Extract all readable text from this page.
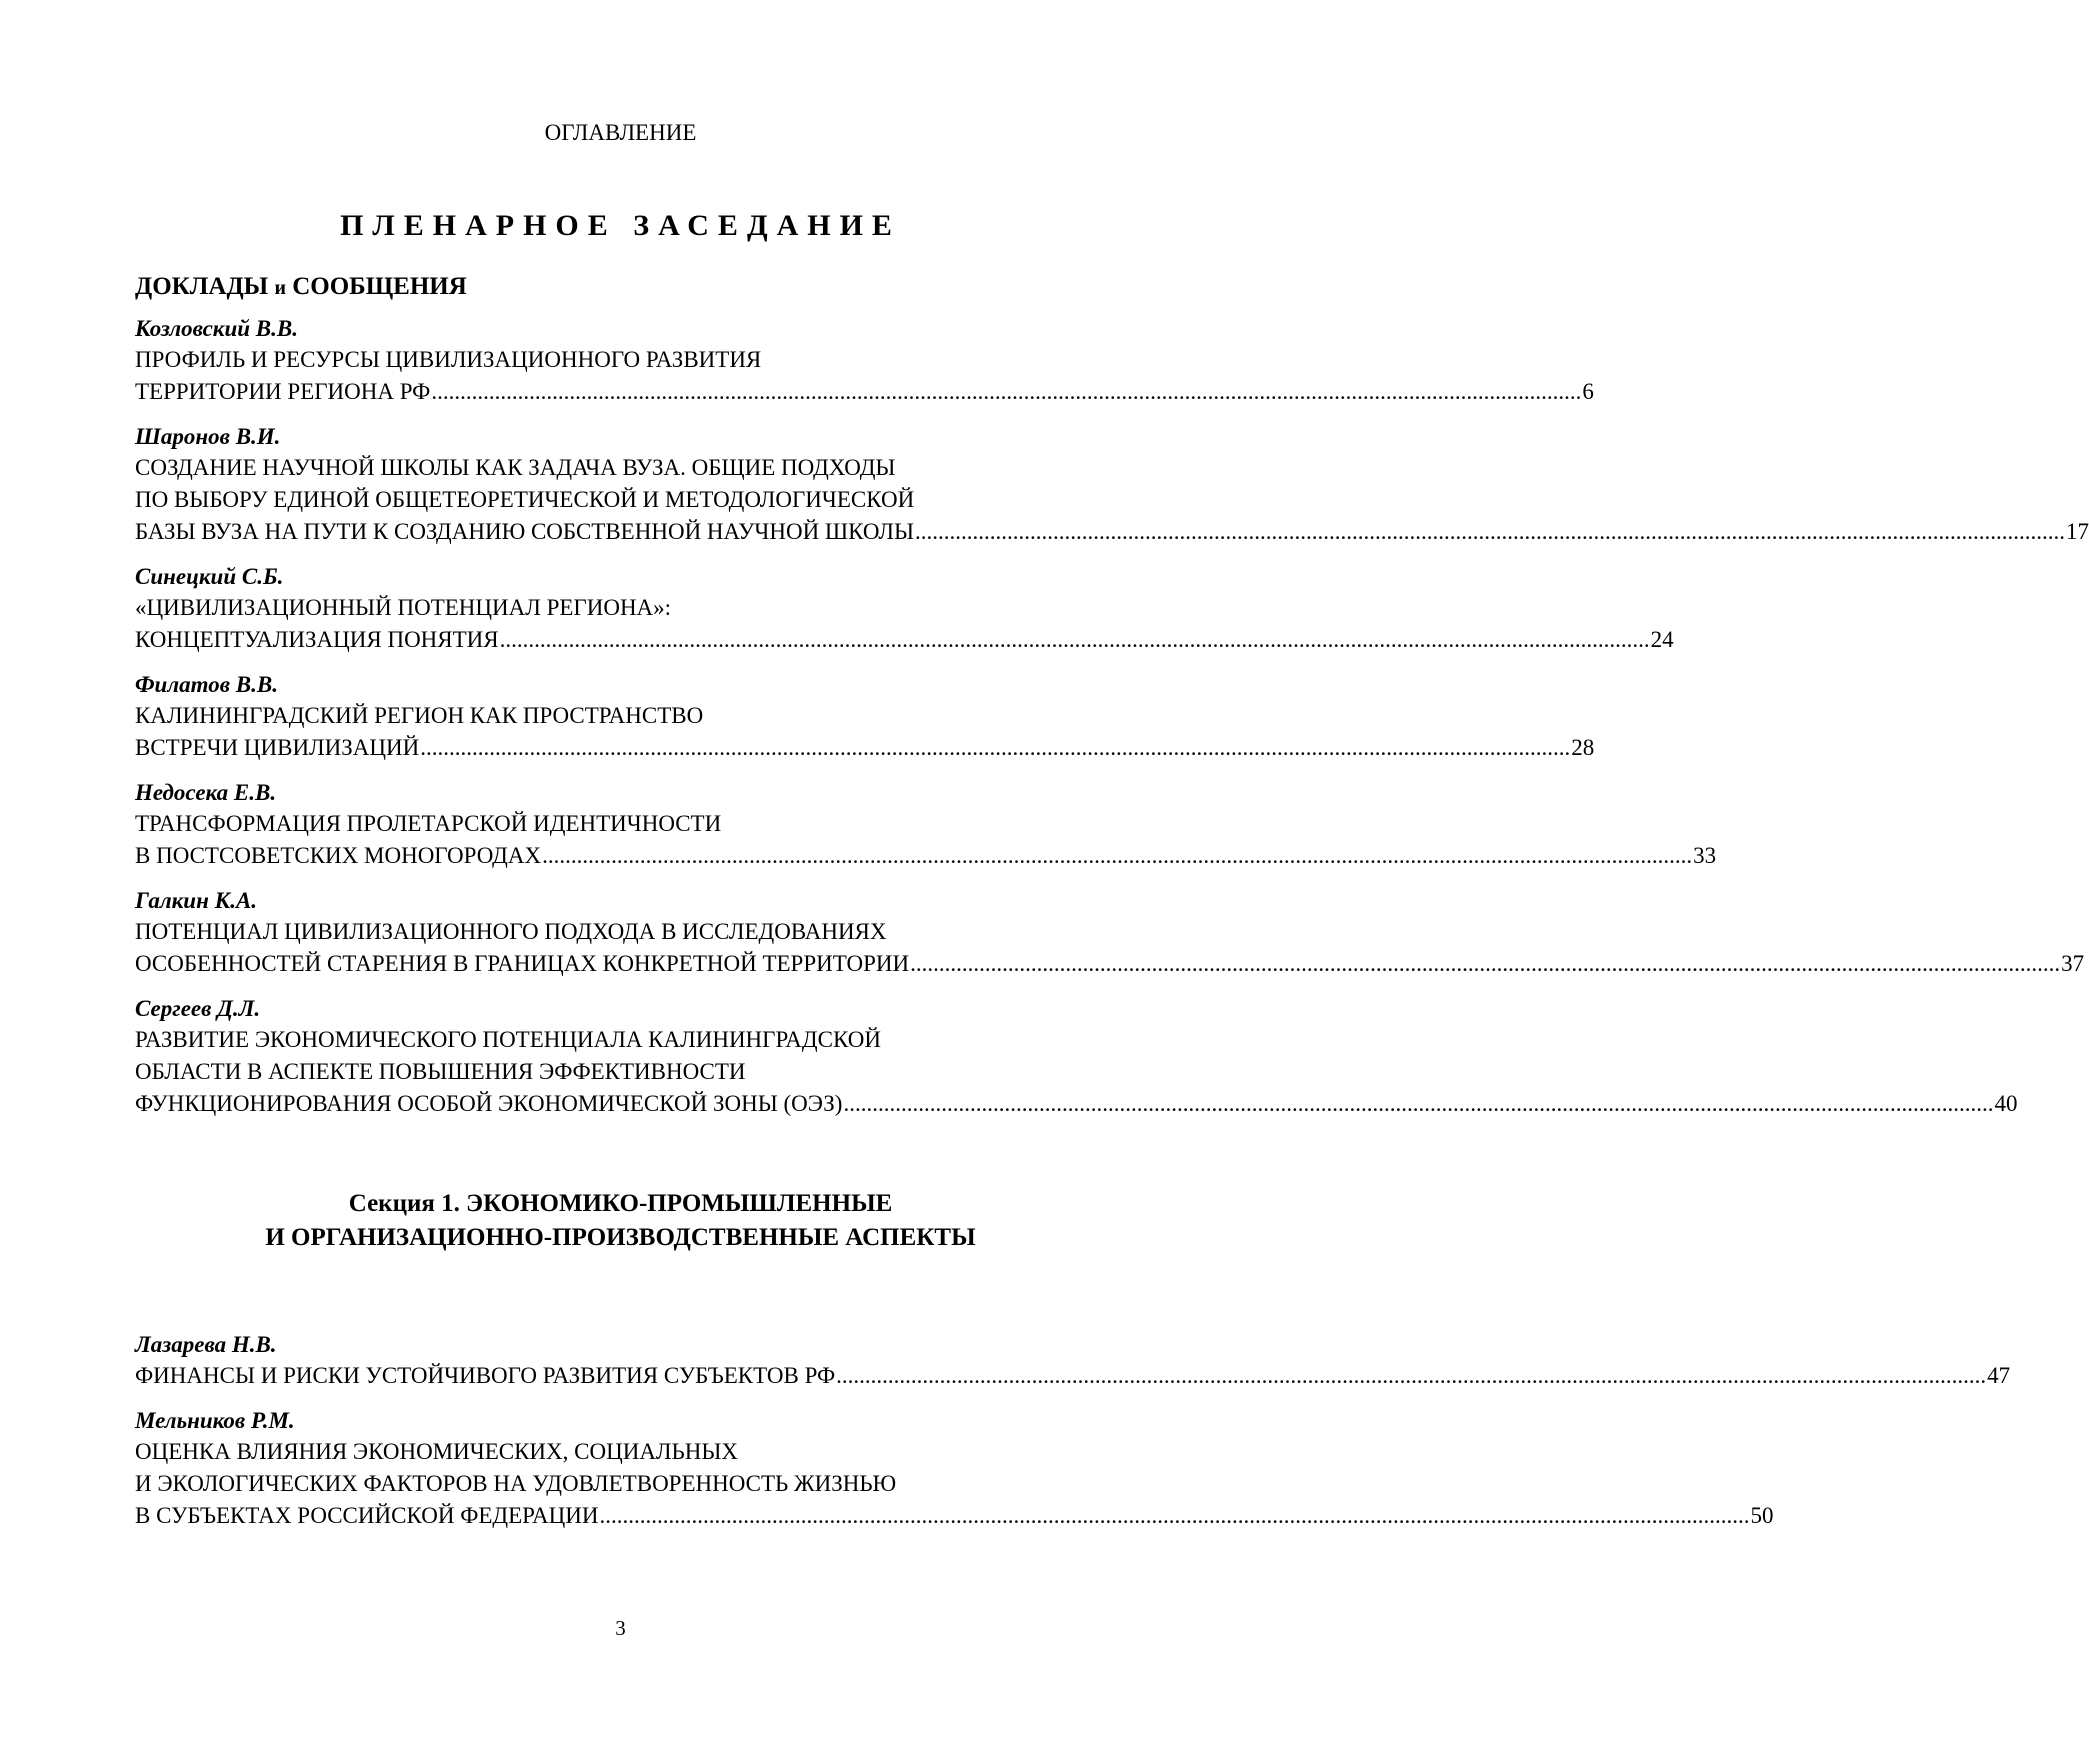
ОГЛАВЛЕНИЕ
ПЛЕНАРНОЕ ЗАСЕДАНИЕ
ДОКЛАДЫ и СООБЩЕНИЯ
Козловский В.В.
ПРОФИЛЬ И РЕСУРСЫ ЦИВИЛИЗАЦИОННОГО РАЗВИТИЯ
ТЕРРИТОРИИ РЕГИОНА РФ ........................................................................................................................................................................................................ 6
Шаронов В.И.
СОЗДАНИЕ НАУЧНОЙ ШКОЛЫ КАК ЗАДАЧА ВУЗА. ОБЩИЕ ПОДХОДЫ
ПО ВЫБОРУ ЕДИНОЙ ОБЩЕТЕОРЕТИЧЕСКОЙ И МЕТОДОЛОГИЧЕСКОЙ
БАЗЫ ВУЗА НА ПУТИ К СОЗДАНИЮ СОБСТВЕННОЙ НАУЧНОЙ ШКОЛЫ ........................................................................................................................................................................................................ 17
Синецкий С.Б.
«ЦИВИЛИЗАЦИОННЫЙ ПОТЕНЦИАЛ РЕГИОНА»:
КОНЦЕПТУАЛИЗАЦИЯ ПОНЯТИЯ ........................................................................................................................................................................................................ 24
Филатов В.В.
КАЛИНИНГРАДСКИЙ РЕГИОН КАК ПРОСТРАНСТВО
ВСТРЕЧИ ЦИВИЛИЗАЦИЙ ........................................................................................................................................................................................................ 28
Недосека Е.В.
ТРАНСФОРМАЦИЯ ПРОЛЕТАРСКОЙ ИДЕНТИЧНОСТИ
В ПОСТСОВЕТСКИХ МОНОГОРОДАХ ........................................................................................................................................................................................................ 33
Галкин К.А.
ПОТЕНЦИАЛ ЦИВИЛИЗАЦИОННОГО ПОДХОДА В ИССЛЕДОВАНИЯХ
ОСОБЕННОСТЕЙ СТАРЕНИЯ В ГРАНИЦАХ КОНКРЕТНОЙ ТЕРРИТОРИИ ........................................................................................................................................................................................................ 37
Сергеев Д.Л.
РАЗВИТИЕ ЭКОНОМИЧЕСКОГО ПОТЕНЦИАЛА КАЛИНИНГРАДСКОЙ
ОБЛАСТИ В АСПЕКТЕ ПОВЫШЕНИЯ ЭФФЕКТИВНОСТИ
ФУНКЦИОНИРОВАНИЯ ОСОБОЙ ЭКОНОМИЧЕСКОЙ ЗОНЫ (ОЭЗ) ........................................................................................................................................................................................................ 40
Секция 1. ЭКОНОМИКО-ПРОМЫШЛЕННЫЕ
И ОРГАНИЗАЦИОННО-ПРОИЗВОДСТВЕННЫЕ АСПЕКТЫ
Лазарева Н.В.
ФИНАНСЫ И РИСКИ УСТОЙЧИВОГО РАЗВИТИЯ СУБЪЕКТОВ РФ ........................................................................................................................................................................................................ 47
Мельников Р.М.
ОЦЕНКА ВЛИЯНИЯ ЭКОНОМИЧЕСКИХ, СОЦИАЛЬНЫХ
И ЭКОЛОГИЧЕСКИХ ФАКТОРОВ НА УДОВЛЕТВОРЕННОСТЬ ЖИЗНЬЮ
В СУБЪЕКТАХ РОССИЙСКОЙ ФЕДЕРАЦИИ ........................................................................................................................................................................................................ 50
3
